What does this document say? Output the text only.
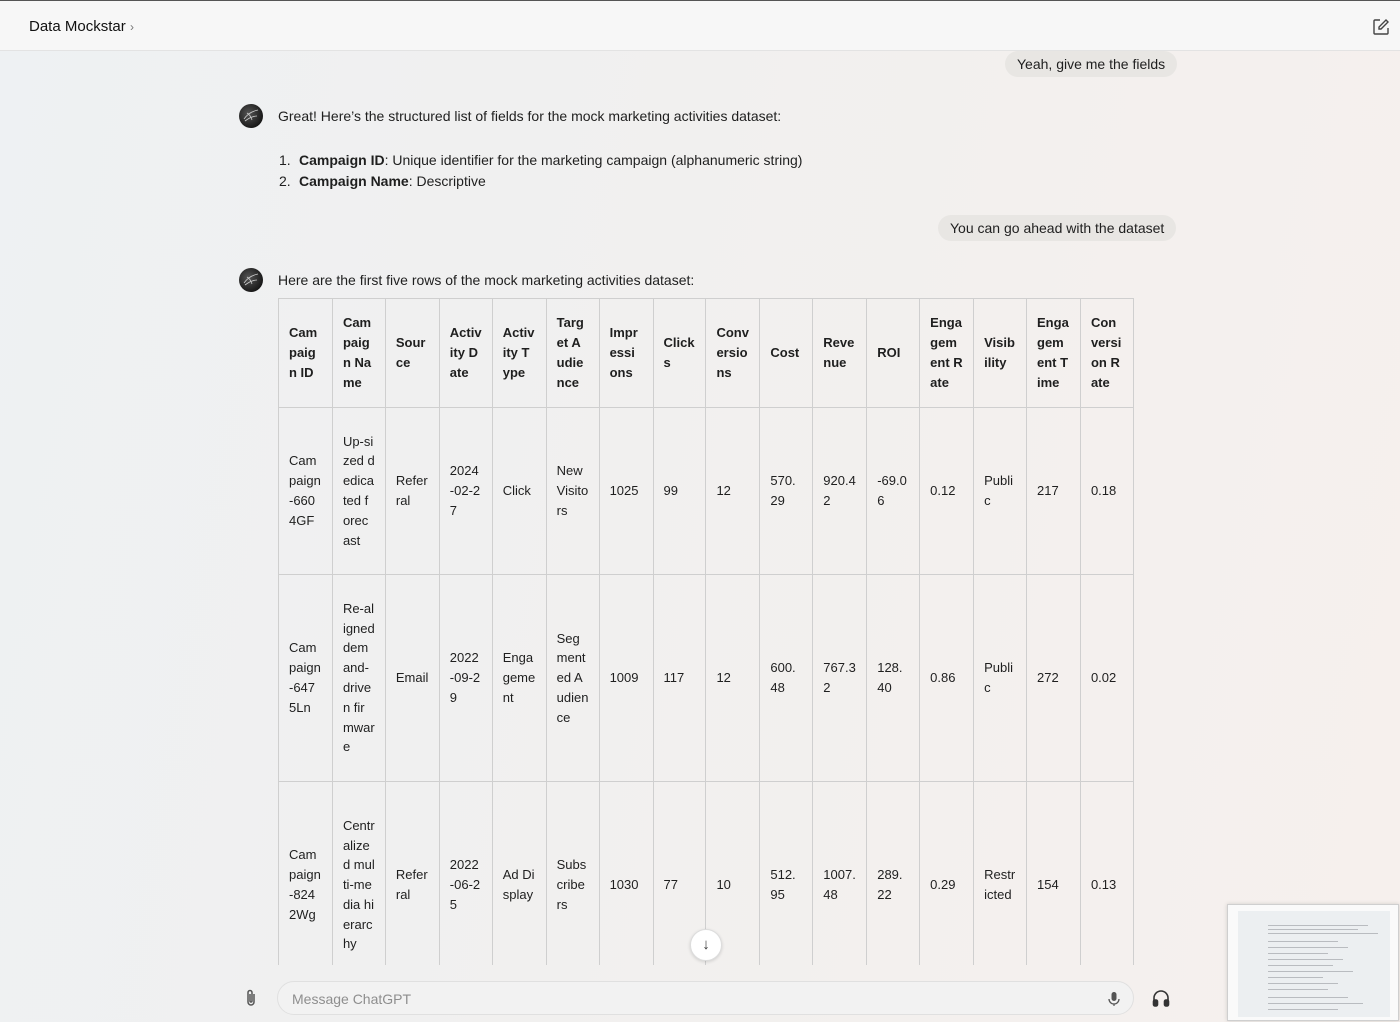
Data Mockstar ›
Yeah, give me the fields
Great! Here’s the structured list of fields for the mock marketing activities dataset:
1. Campaign ID: Unique identifier for the marketing campaign (alphanumeric string)
2. Campaign Name: Descriptive
You can go ahead with the dataset
Here are the first five rows of the mock marketing activities dataset:
Campaign ID	Campaign Name	Source	Activity Date	Activity Type	Target Audience	Impressions	Clicks	Conversions	Cost	Revenue	ROI	Engagement Rate	Visibility	Engagement Time	Conversion Rate
Campaign-6604GF	Up-sized dedicated forecast	Referral	2024-02-27	Click	New Visitors	1025	99	12	570.29	920.42	-69.06	0.12	Public	217	0.18
Campaign-6475Ln	Re-aligned demand-driven firmware	Email	2022-09-29	Engagement	Segmented Audience	1009	117	12	600.48	767.32	128.40	0.86	Public	272	0.02
Campaign-8242Wg	Centralized multi-media hierarchy	Referral	2022-06-25	Ad Display	Subscribers	1030	77	10	512.95	1007.48	289.22	0.29	Restricted	154	0.13
↓
Message ChatGPT
